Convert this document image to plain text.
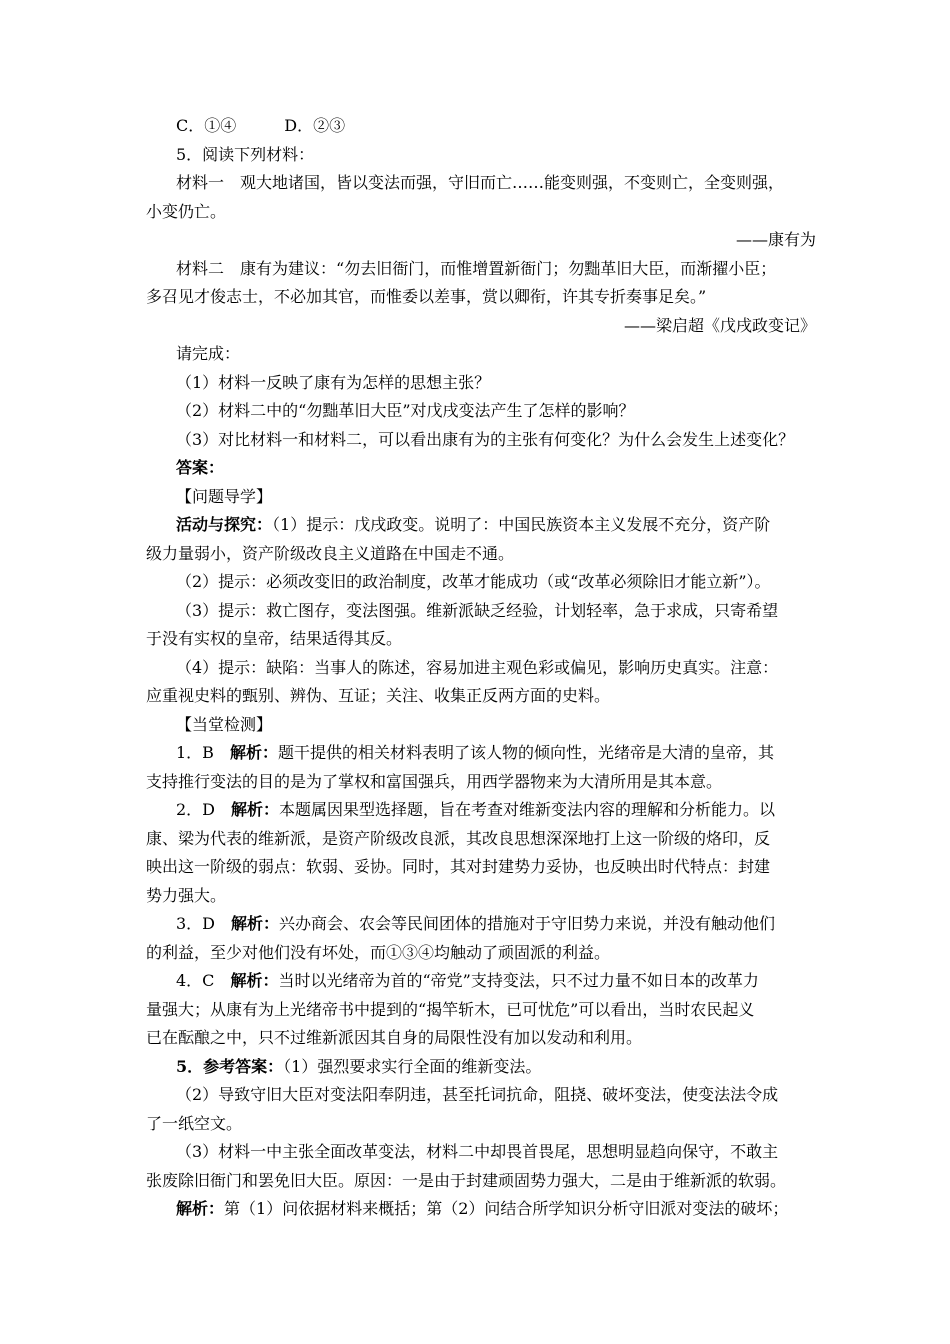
C．①④	D．②③
5．阅读下列材料：
材料一 观大地诸国，皆以变法而强，守旧而亡……能变则强，不变则亡，全变则强，
小变仍亡。
——康有为
材料二 康有为建议：“勿去旧衙门，而惟增置新衙门；勿黜革旧大臣，而渐擢小臣；
多召见才俊志士，不必加其官，而惟委以差事，赏以卿衔，许其专折奏事足矣。”
——梁启超《戊戌政变记》
请完成：
（1）材料一反映了康有为怎样的思想主张？
（2）材料二中的“勿黜革旧大臣”对戊戌变法产生了怎样的影响？
（3）对比材料一和材料二，可以看出康有为的主张有何变化？为什么会发生上述变化？
答案：
【问题导学】
活动与探究：（1）提示：戊戌政变。说明了：中国民族资本主义发展不充分，资产阶
级力量弱小，资产阶级改良主义道路在中国走不通。
（2）提示：必须改变旧的政治制度，改革才能成功（或“改革必须除旧才能立新”）。
（3）提示：救亡图存，变法图强。维新派缺乏经验，计划轻率，急于求成，只寄希望
于没有实权的皇帝，结果适得其反。
（4）提示：缺陷：当事人的陈述，容易加进主观色彩或偏见，影响历史真实。注意：
应重视史料的甄别、辨伪、互证；关注、收集正反两方面的史料。
【当堂检测】
1．B 解析：题干提供的相关材料表明了该人物的倾向性，光绪帝是大清的皇帝，其
支持推行变法的目的是为了掌权和富国强兵，用西学器物来为大清所用是其本意。
2．D 解析：本题属因果型选择题，旨在考查对维新变法内容的理解和分析能力。以
康、梁为代表的维新派，是资产阶级改良派，其改良思想深深地打上这一阶级的烙印，反
映出这一阶级的弱点：软弱、妥协。同时，其对封建势力妥协，也反映出时代特点：封建
势力强大。
3．D 解析：兴办商会、农会等民间团体的措施对于守旧势力来说，并没有触动他们
的利益，至少对他们没有坏处，而①③④均触动了顽固派的利益。
4．C 解析：当时以光绪帝为首的“帝党”支持变法，只不过力量不如日本的改革力
量强大；从康有为上光绪帝书中提到的“揭竿斩木，已可忧危”可以看出，当时农民起义
已在酝酿之中，只不过维新派因其自身的局限性没有加以发动和利用。
5．参考答案：（1）强烈要求实行全面的维新变法。
（2）导致守旧大臣对变法阳奉阴违，甚至托词抗命，阻挠、破坏变法，使变法法令成
了一纸空文。
（3）材料一中主张全面改革变法，材料二中却畏首畏尾，思想明显趋向保守，不敢主
张废除旧衙门和罢免旧大臣。原因：一是由于封建顽固势力强大，二是由于维新派的软弱。
解析：第（1）问依据材料来概括；第（2）问结合所学知识分析守旧派对变法的破坏；
